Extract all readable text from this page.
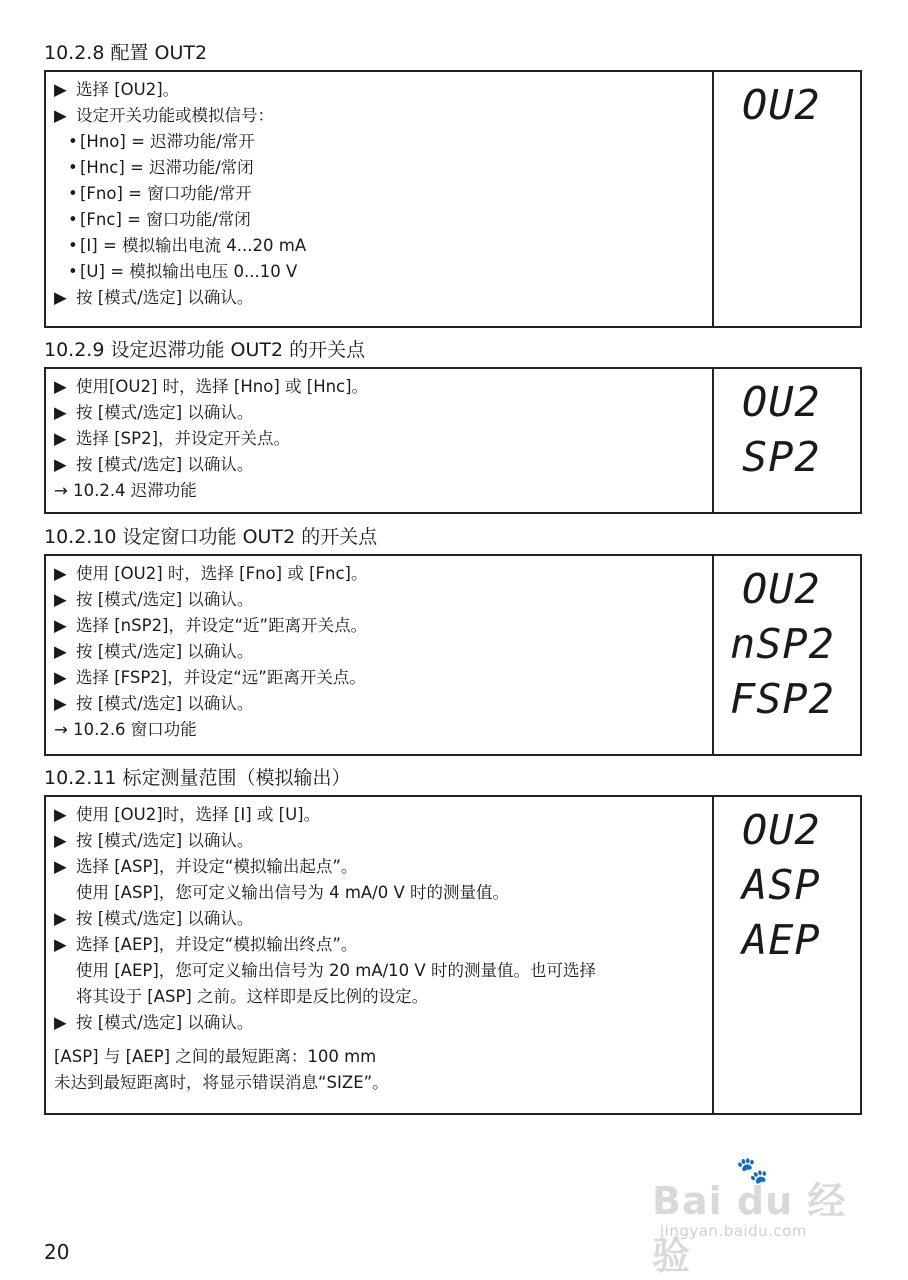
10.2.8 配置 OUT2
▶ 选择 [OU2]。
▶ 设定开关功能或模拟信号：
• [Hno] = 迟滞功能/常开
• [Hnc] = 迟滞功能/常闭
• [Fno] = 窗口功能/常开
• [Fnc] = 窗口功能/常闭
• [I] = 模拟输出电流 4...20 mA
• [U] = 模拟输出电压 0...10 V
▶ 按 [模式/选定] 以确认。
OU2
10.2.9 设定迟滞功能 OUT2 的开关点
▶ 使用[OU2] 时，选择 [Hno] 或 [Hnc]。
▶ 按 [模式/选定] 以确认。
▶ 选择 [SP2]，并设定开关点。
▶ 按 [模式/选定] 以确认。
→
10.2.4 迟滞功能
OU2
SP2
10.2.10 设定窗口功能 OUT2 的开关点
▶ 使用 [OU2] 时，选择 [Fno] 或 [Fnc]。
▶ 按 [模式/选定] 以确认。
▶ 选择 [nSP2]，并设定“近”距离开关点。
▶ 按 [模式/选定] 以确认。
▶ 选择 [FSP2]，并设定“远”距离开关点。
▶ 按 [模式/选定] 以确认。
→
10.2.6 窗口功能
OU2
nSP2
FSP2
10.2.11 标定测量范围（模拟输出）
▶ 使用 [OU2]时，选择 [I] 或 [U]。
▶ 按 [模式/选定] 以确认。
▶ 选择 [ASP]，并设定“模拟输出起点”。
使用 [ASP]，您可定义输出信号为 4 mA/0 V 时的测量值。
▶ 按 [模式/选定] 以确认。
▶ 选择 [AEP]，并设定“模拟输出终点”。
使用 [AEP]，您可定义输出信号为 20 mA/10 V 时的测量值。也可选择
将其设于 [ASP] 之前。这样即是反比例的设定。
▶ 按 [模式/选定] 以确认。
[ASP] 与 [AEP] 之间的最短距离：100 mm
未达到最短距离时，将显示错误消息“SIZE”。
OU2
ASP
AEP
Bai du 经验
🐾
jingyan.baidu.com
20
